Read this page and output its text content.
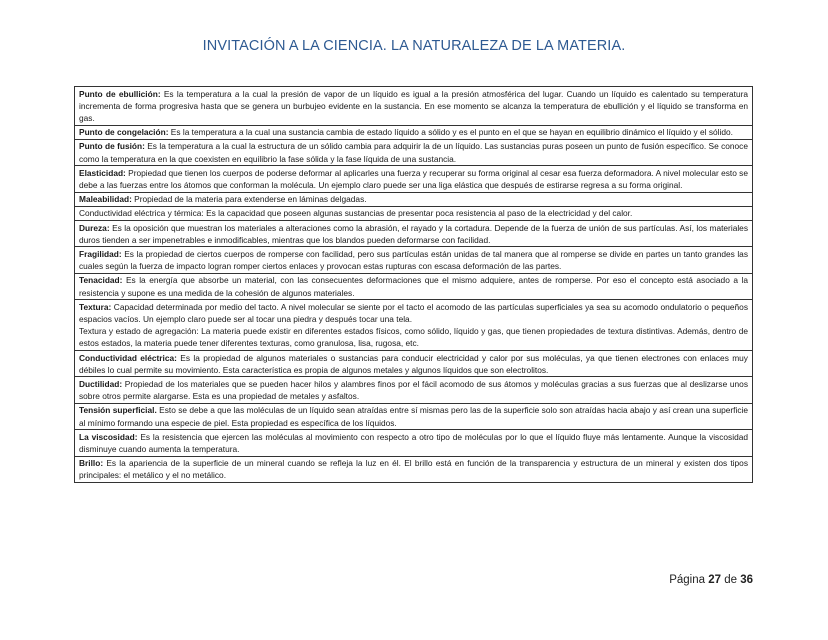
INVITACIÓN A LA CIENCIA. LA NATURALEZA DE LA MATERIA.
Punto de ebullición: Es la temperatura a la cual la presión de vapor de un líquido es igual a la presión atmosférica del lugar. Cuando un líquido es calentado su temperatura incrementa de forma progresiva hasta que se genera un burbujeo evidente en la sustancia. En ese momento se alcanza la temperatura de ebullición y el líquido se transforma en gas.
Punto de congelación: Es la temperatura a la cual una sustancia cambia de estado líquido a sólido y es el punto en el que se hayan en equilibrio dinámico el líquido y el sólido.
Punto de fusión: Es la temperatura a la cual la estructura de un sólido cambia para adquirir la de un líquido. Las sustancias puras poseen un punto de fusión específico. Se conoce como la temperatura en la que coexisten en equilibrio la fase sólida y la fase líquida de una sustancia.
Elasticidad: Propiedad que tienen los cuerpos de poderse deformar al aplicarles una fuerza y recuperar su forma original al cesar esa fuerza deformadora. A nivel molecular esto se debe a las fuerzas entre los átomos que conforman la molécula. Un ejemplo claro puede ser una liga elástica que después de estirarse regresa a su forma original.
Maleabilidad: Propiedad de la materia para extenderse en láminas delgadas.
Conductividad eléctrica y térmica: Es la capacidad que poseen algunas sustancias de presentar poca resistencia al paso de la electricidad y del calor.
Dureza: Es la oposición que muestran los materiales a alteraciones como la abrasión, el rayado y la cortadura. Depende de la fuerza de unión de sus partículas. Así, los materiales duros tienden a ser impenetrables e inmodificables, mientras que los blandos pueden deformarse con facilidad.
Fragilidad: Es la propiedad de ciertos cuerpos de romperse con facilidad, pero sus partículas están unidas de tal manera que al romperse se divide en partes un tanto grandes las cuales según la fuerza de impacto logran romper ciertos enlaces y provocan estas rupturas con escasa deformación de las partes.
Tenacidad: Es la energía que absorbe un material, con las consecuentes deformaciones que el mismo adquiere, antes de romperse. Por eso el concepto está asociado a la resistencia y supone es una medida de la cohesión de algunos materiales.
Textura: Capacidad determinada por medio del tacto. A nivel molecular se siente por el tacto el acomodo de las partículas superficiales ya sea su acomodo ondulatorio o pequeños espacios vacíos. Un ejemplo claro puede ser al tocar una piedra y después tocar una tela.
Textura y estado de agregación: La materia puede existir en diferentes estados físicos, como sólido, líquido y gas, que tienen propiedades de textura distintivas. Además, dentro de estos estados, la materia puede tener diferentes texturas, como granulosa, lisa, rugosa, etc.
Conductividad eléctrica: Es la propiedad de algunos materiales o sustancias para conducir electricidad y calor por sus moléculas, ya que tienen electrones con enlaces muy débiles lo cual permite su movimiento. Esta característica es propia de algunos metales y algunos líquidos que son electrolitos.
Ductilidad: Propiedad de los materiales que se pueden hacer hilos y alambres finos por el fácil acomodo de sus átomos y moléculas gracias a sus fuerzas que al deslizarse unos sobre otros permite alargarse. Esta es una propiedad de metales y asfaltos.
Tensión superficial. Esto se debe a que las moléculas de un líquido sean atraídas entre sí mismas pero las de la superficie solo son atraídas hacia abajo y así crean una superficie al mínimo formando una especie de piel. Esta propiedad es específica de los líquidos.
La viscosidad: Es la resistencia que ejercen las moléculas al movimiento con respecto a otro tipo de moléculas por lo que el líquido fluye más lentamente. Aunque la viscosidad disminuye cuando aumenta la temperatura.
Brillo: Es la apariencia de la superficie de un mineral cuando se refleja la luz en él. El brillo está en función de la transparencia y estructura de un mineral y existen dos tipos principales: el metálico y el no metálico.
Página 27 de 36
